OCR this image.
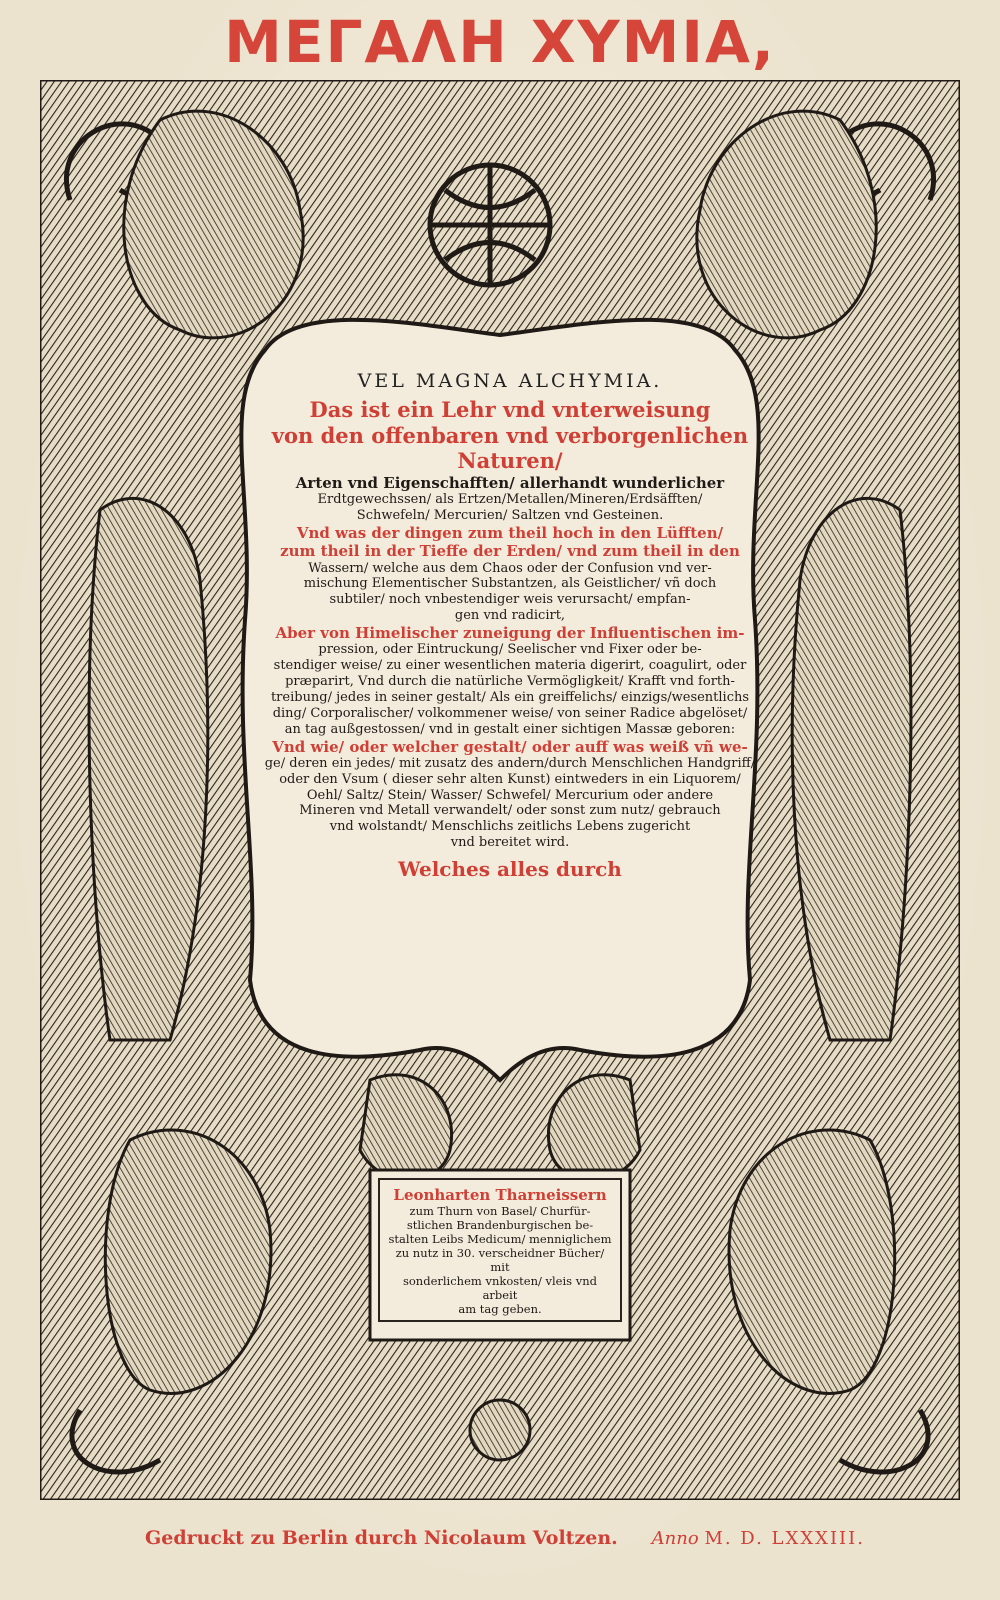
ΜΕΓΑΛΗ ΧΥΜΙΑ,

VEL MAGNA ALCHYMIA.

Das ist ein Lehr vnd vnterweisung

von den offenbaren vnd verborgenlichen Naturen/

Arten vnd Eigenschafften/ allerhandt wunderlicher

Erdtgewechssen/ als Ertzen/Metallen/Mineren/Erdsäfften/

Schwefeln/ Mercurien/ Saltzen vnd Gesteinen.

Vnd was der dingen zum theil hoch in den Lüfften/

zum theil in der Tieffe der Erden/ vnd zum theil in den

Wassern/ welche aus dem Chaos oder der Confusion vnd ver-

mischung Elementischer Substantzen, als Geistlicher/ vñ doch

subtiler/ noch vnbestendiger weis verursacht/ empfan-

gen vnd radicirt,

Aber von Himelischer zuneigung der Influentischen im-

pression, oder Eintruckung/ Seelischer vnd Fixer oder be-

stendiger weise/ zu einer wesentlichen materia digerirt, coagulirt, oder

præparirt, Vnd durch die natürliche Vermögligkeit/ Krafft vnd forth-

treibung/ jedes in seiner gestalt/ Als ein greiffelichs/ einzigs/wesentlichs

ding/ Corporalischer/ volkommener weise/ von seiner Radice abgelöset/

an tag außgestossen/ vnd in gestalt einer sichtigen Massæ geboren:

Vnd wie/ oder welcher gestalt/ oder auff was weiß vñ we-

ge/ deren ein jedes/ mit zusatz des andern/durch Menschlichen Handgriff/

oder den Vsum ( dieser sehr alten Kunst) eintweders in ein Liquorem/

Oehl/ Saltz/ Stein/ Wasser/ Schwefel/ Mercurium oder andere

Mineren vnd Metall verwandelt/ oder sonst zum nutz/ gebrauch

vnd wolstandt/ Menschlichs zeitlichs Lebens zugericht

vnd bereitet wird.

Welches alles durch

Leonharten Tharneissern

zum Thurn von Basel/ Churfür-

stlichen Brandenburgischen be-

stalten Leibs Medicum/ menniglichem

zu nutz in 30. verscheidner Bücher/ mit

sonderlichem vnkosten/ vleis vnd arbeit

am tag geben.

Gedruckt zu Berlin durch Nicolaum Voltzen. Anno M. D. LXXXIII.
